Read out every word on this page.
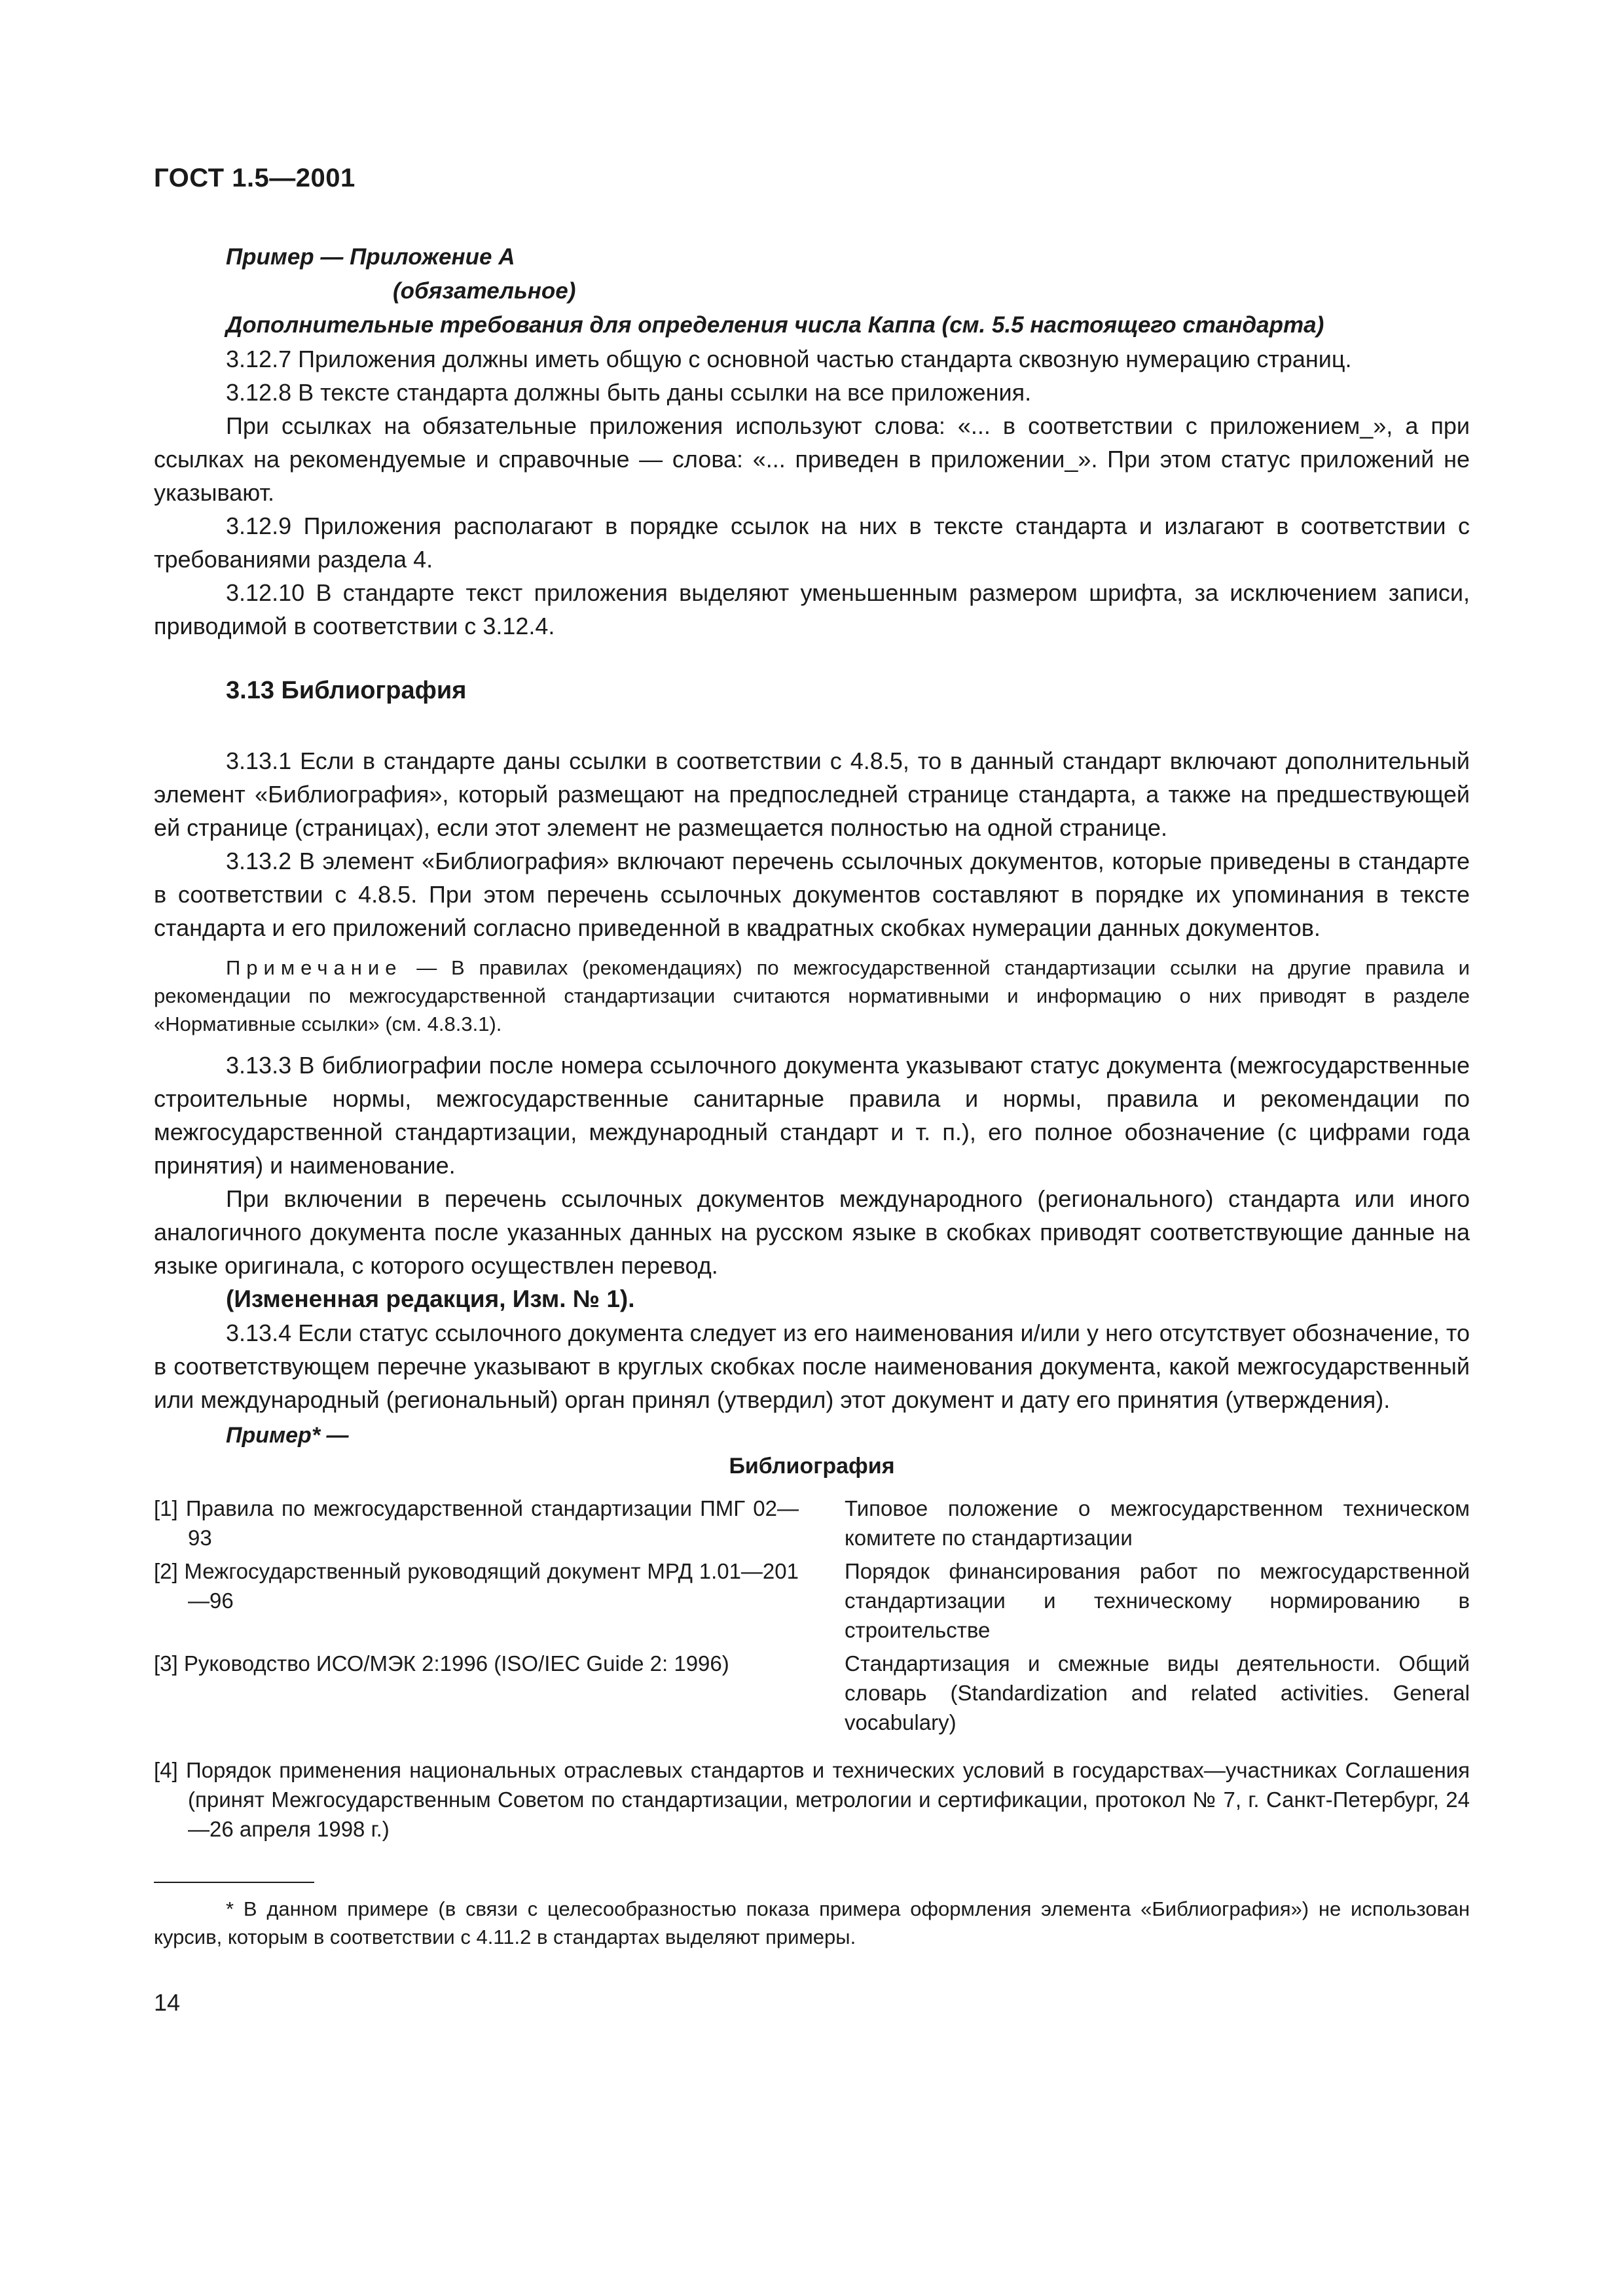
ГОСТ 1.5—2001
Пример — Приложение А
(обязательное)
Дополнительные требования для определения числа Каппа (см. 5.5 настоящего стандарта)

3.12.7 Приложения должны иметь общую с основной частью стандарта сквозную нумерацию страниц.

3.12.8 В тексте стандарта должны быть даны ссылки на все приложения.

При ссылках на обязательные приложения используют слова: «... в соответствии с приложением_», а при ссылках на рекомендуемые и справочные — слова: «... приведен в приложении_». При этом статус приложений не указывают.

3.12.9 Приложения располагают в порядке ссылок на них в тексте стандарта и излагают в соответствии с требованиями раздела 4.

3.12.10 В стандарте текст приложения выделяют уменьшенным размером шрифта, за исключением записи, приводимой в соответствии с 3.12.4.

3.13 Библиография

3.13.1 Если в стандарте даны ссылки в соответствии с 4.8.5, то в данный стандарт включают дополнительный элемент «Библиография», который размещают на предпоследней странице стандарта, а также на предшествующей ей странице (страницах), если этот элемент не размещается полностью на одной странице.

3.13.2 В элемент «Библиография» включают перечень ссылочных документов, которые приведены в стандарте в соответствии с 4.8.5. При этом перечень ссылочных документов составляют в порядке их упоминания в тексте стандарта и его приложений согласно приведенной в квадратных скобках нумерации данных документов.

Примечание — В правилах (рекомендациях) по межгосударственной стандартизации ссылки на другие правила и рекомендации по межгосударственной стандартизации считаются нормативными и информацию о них приводят в разделе «Нормативные ссылки» (см. 4.8.3.1).

3.13.3 В библиографии после номера ссылочного документа указывают статус документа (межгосударственные строительные нормы, межгосударственные санитарные правила и нормы, правила и рекомендации по межгосударственной стандартизации, международный стандарт и т. п.), его полное обозначение (с цифрами года принятия) и наименование.

При включении в перечень ссылочных документов международного (регионального) стандарта или иного аналогичного документа после указанных данных на русском языке в скобках приводят соответствующие данные на языке оригинала, с которого осуществлен перевод.

(Измененная редакция, Изм. № 1).

3.13.4 Если статус ссылочного документа следует из его наименования и/или у него отсутствует обозначение, то в соответствующем перечне указывают в круглых скобках после наименования документа, какой межгосударственный или международный (региональный) орган принял (утвердил) этот документ и дату его принятия (утверждения).

Пример* —
Библиография
[1] Правила по межгосударственной стандартизации ПМГ 02—93
Типовое положение о межгосударственном техническом комитете по стандартизации
[2] Межгосударственный руководящий документ МРД 1.01—201—96
Порядок финансирования работ по межгосударственной стандартизации и техническому нормированию в строительстве
[3] Руководство ИСО/МЭК 2:1996 (ISO/IEC Guide 2: 1996)	Стандартизация и смежные виды деятельности. Общий словарь (Standardization and related activities. General vocabulary)
[4] Порядок применения национальных отраслевых стандартов и технических условий в государствах—участниках Соглашения (принят Межгосударственным Советом по стандартизации, метрологии и сертификации, протокол № 7, г. Санкт-Петербург, 24—26 апреля 1998 г.)
* В данном примере (в связи с целесообразностью показа примера оформления элемента «Библиография») не использован курсив, которым в соответствии с 4.11.2 в стандартах выделяют примеры.
14
